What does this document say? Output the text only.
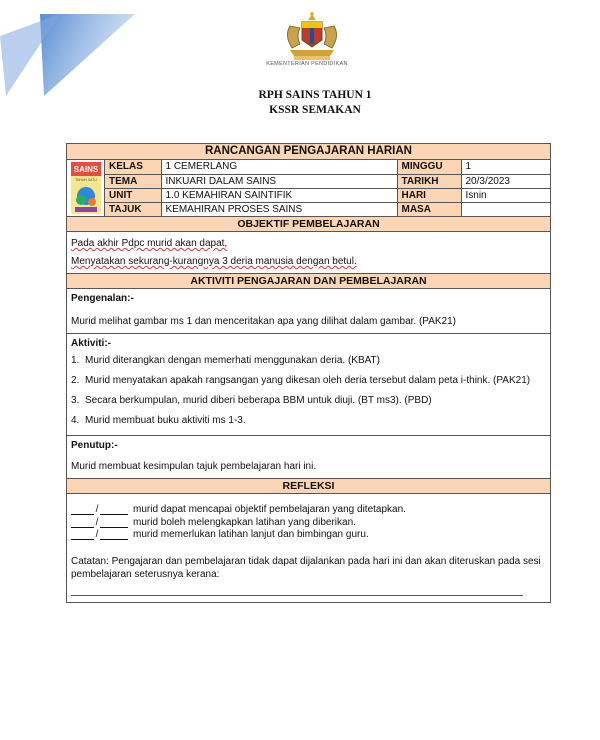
KEMENTERIAN PENDIDIKAN
RPH SAINS TAHUN 1
KSSR SEMAKAN
RANCANGAN PENGAJARAN HARIAN
SAINS
TAHUN SATU
KELAS	1 CEMERLANG	MINGGU	1
TEMA	INKUARI DALAM SAINS	TARIKH	20/3/2023
UNIT	1.0 KEMAHIRAN SAINTIFIK	HARI	Isnin
TAJUK	KEMAHIRAN PROSES SAINS	MASA	
OBJEKTIF PEMBELAJARAN
Pada akhir Pdpc murid akan dapat,
Menyatakan sekurang-kurangnya 3 deria manusia dengan betul.
AKTIVITI PENGAJARAN DAN PEMBELAJARAN
Pengenalan:-
Murid melihat gambar ms 1 dan menceritakan apa yang dilihat dalam gambar. (PAK21)
Aktiviti:-
1. Murid diterangkan dengan memerhati menggunakan deria. (KBAT)
2. Murid menyatakan apakah rangsangan yang dikesan oleh deria tersebut dalam peta i-think. (PAK21)
3. Secara berkumpulan, murid diberi beberapa BBM untuk diuji. (BT ms3). (PBD)
4. Murid membuat buku aktiviti ms 1-3.
Penutup:-
Murid membuat kesimpulan tajuk pembelajaran hari ini.
REFLEKSI
/	murid dapat mencapai objektif pembelajaran yang ditetapkan.
/	murid boleh melengkapkan latihan yang diberikan.
/	murid memerlukan latihan lanjut dan bimbingan guru.
Catatan: Pengajaran dan pembelajaran tidak dapat dijalankan pada hari ini dan akan diteruskan pada sesi pembelajaran seterusnya kerana:
